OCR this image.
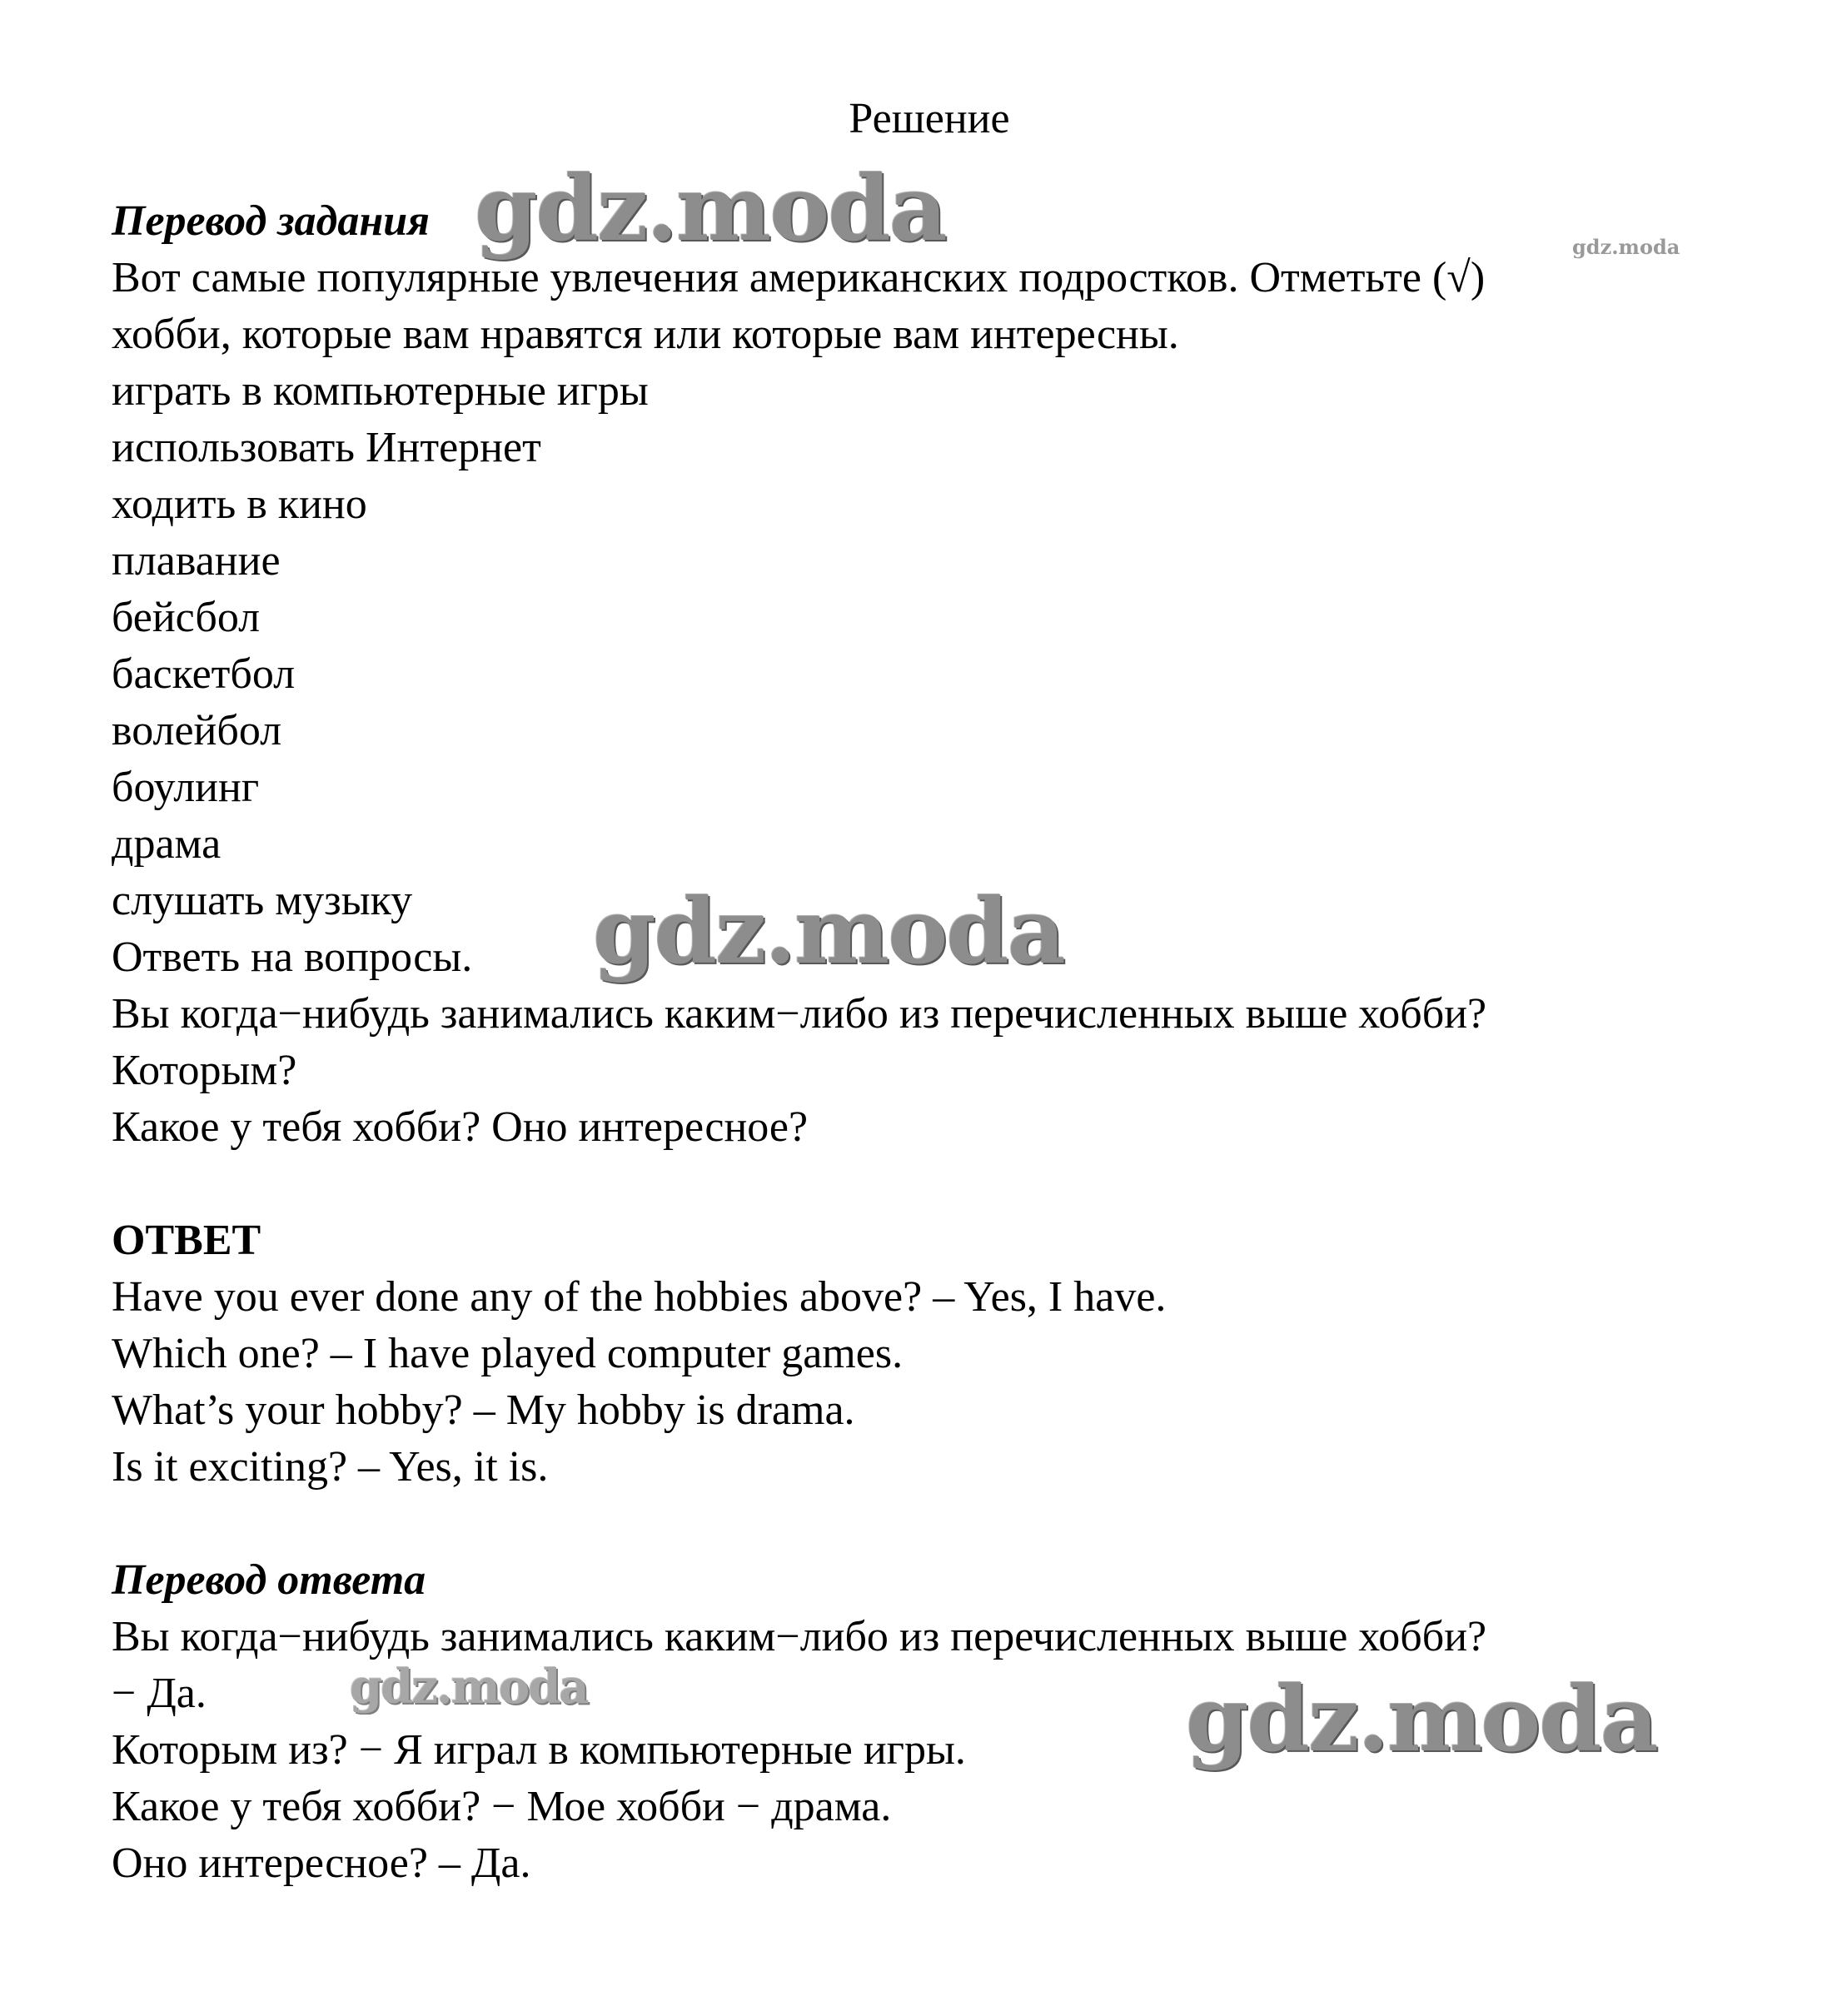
Решение
Перевод задания
Вот самые популярные увлечения американских подростков. Отметьте (√)
хобби, которые вам нравятся или которые вам интересны.
играть в компьютерные игры
использовать Интернет
ходить в кино
плавание
бейсбол
баскетбол
волейбол
боулинг
драма
слушать музыку
Ответь на вопросы.
Вы когда−нибудь занимались каким−либо из перечисленных выше хобби?
Которым?
Какое у тебя хобби? Оно интересное?
ОТВЕТ
Have you ever done any of the hobbies above? – Yes, I have.
Which one? – I have played computer games.
What’s your hobby? – My hobby is drama.
Is it exciting? – Yes, it is.
Перевод ответа
Вы когда−нибудь занимались каким−либо из перечисленных выше хобби?
− Да.
Которым из? − Я играл в компьютерные игры.
Какое у тебя хобби? − Мое хобби − драма.
Оно интересное? – Да.
gdz.moda	gdz.moda
gdz.moda
gdz.moda	gdz.moda
